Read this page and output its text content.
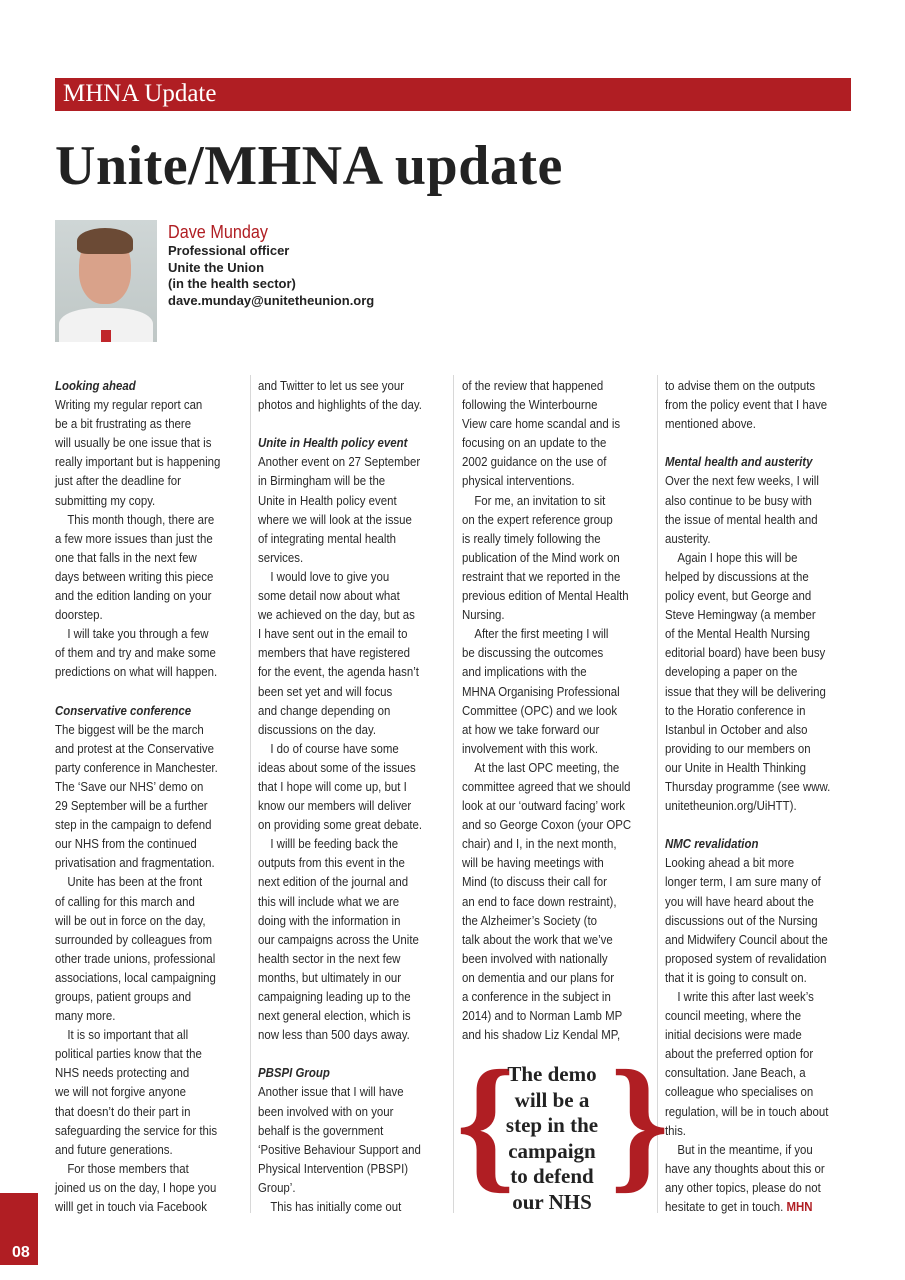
MHNA Update
Unite/MHNA update
Dave Munday
Professional officer
Unite the Union
(in the health sector)
dave.munday@unitetheunion.org
Looking ahead
Writing my regular report can
be a bit frustrating as there
will usually be one issue that is
really important but is happening
just after the deadline for
submitting my copy.
This month though, there are
a few more issues than just the
one that falls in the next few
days between writing this piece
and the edition landing on your
doorstep.
I will take you through a few
of them and try and make some
predictions on what will happen.
Conservative conference
The biggest will be the march
and protest at the Conservative
party conference in Manchester.
The ‘Save our NHS’ demo on
29 September will be a further
step in the campaign to defend
our NHS from the continued
privatisation and fragmentation.
Unite has been at the front
of calling for this march and
will be out in force on the day,
surrounded by colleagues from
other trade unions, professional
associations, local campaigning
groups, patient groups and
many more.
It is so important that all
political parties know that the
NHS needs protecting and
we will not forgive anyone
that doesn’t do their part in
safeguarding the service for this
and future generations.
For those members that
joined us on the day, I hope you
willl get in touch via Facebook
and Twitter to let us see your
photos and highlights of the day.
Unite in Health policy event
Another event on 27 September
in Birmingham will be the
Unite in Health policy event
where we will look at the issue
of integrating mental health
services.
I would love to give you
some detail now about what
we achieved on the day, but as
I have sent out in the email to
members that have registered
for the event, the agenda hasn’t
been set yet and will focus
and change depending on
discussions on the day.
I do of course have some
ideas about some of the issues
that I hope will come up, but I
know our members will deliver
on providing some great debate.
I willl be feeding back the
outputs from this event in the
next edition of the journal and
this will include what we are
doing with the information in
our campaigns across the Unite
health sector in the next few
months, but ultimately in our
campaigning leading up to the
next general election, which is
now less than 500 days away.
PBSPI Group
Another issue that I will have
been involved with on your
behalf is the government
‘Positive Behaviour Support and
Physical Intervention (PBSPI)
Group’.
This has initially come out
of the review that happened
following the Winterbourne
View care home scandal and is
focusing on an update to the
2002 guidance on the use of
physical interventions.
For me, an invitation to sit
on the expert reference group
is really timely following the
publication of the Mind work on
restraint that we reported in the
previous edition of Mental Health
Nursing.
After the first meeting I will
be discussing the outcomes
and implications with the
MHNA Organising Professional
Committee (OPC) and we look
at how we take forward our
involvement with this work.
At the last OPC meeting, the
committee agreed that we should
look at our ‘outward facing’ work
and so George Coxon (your OPC
chair) and I, in the next month,
will be having meetings with
Mind (to discuss their call for
an end to face down restraint),
the Alzheimer’s Society (to
talk about the work that we’ve
been involved with nationally
on dementia and our plans for
a conference in the subject in
2014) and to Norman Lamb MP
and his shadow Liz Kendal MP,
to advise them on the outputs
from the policy event that I have
mentioned above.
Mental health and austerity
Over the next few weeks, I will
also continue to be busy with
the issue of mental health and
austerity.
Again I hope this will be
helped by discussions at the
policy event, but George and
Steve Hemingway (a member
of the Mental Health Nursing
editorial board) have been busy
developing a paper on the
issue that they will be delivering
to the Horatio conference in
Istanbul in October and also
providing to our members on
our Unite in Health Thinking
Thursday programme (see www.
unitetheunion.org/UiHTT).
NMC revalidation
Looking ahead a bit more
longer term, I am sure many of
you will have heard about the
discussions out of the Nursing
and Midwifery Council about the
proposed system of revalidation
that it is going to consult on.
I write this after last week’s
council meeting, where the
initial decisions were made
about the preferred option for
consultation. Jane Beach, a
colleague who specialises on
regulation, will be in touch about
this.
But in the meantime, if you
have any thoughts about this or
any other topics, please do not
hesitate to get in touch. MHN
{ }
The demo
will be a
step in the
campaign
to defend
our NHS
08
